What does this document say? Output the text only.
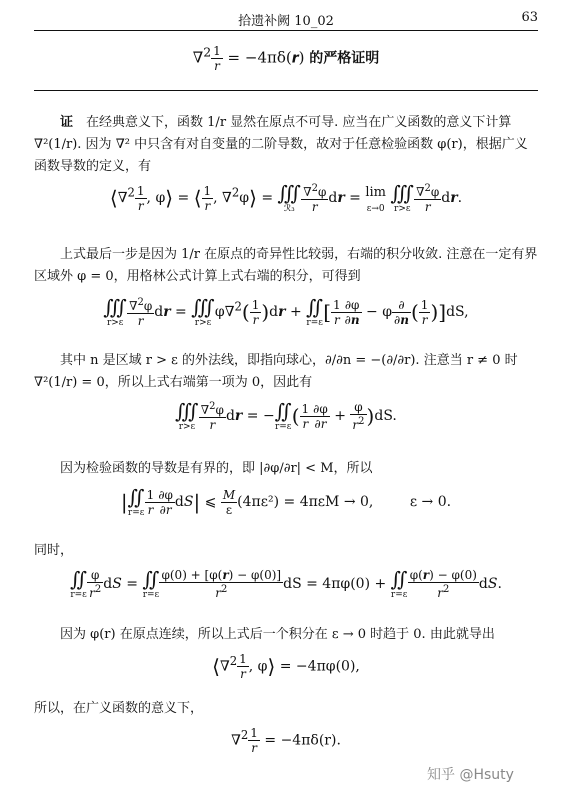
拾遗补阙 10_02	63
$\nabla^2 \frac{1}{r} = -4\pi\delta(r)$ 的严格证明
证　 在经典意义下，函数 1/r 显然在原点不可导. 应当在广义函数的意义下计算 ∇²(1/r). 因为 ∇² 中只含有对自变量的二阶导数，故对于任意检验函数 φ(r)，根据广义函数导数的定义，有
⟨∇$^2$ $\frac{1}{r}$ , φ⟩ = ⟨ $\frac{1}{r}$ , ∇$^2$φ⟩ = ∭
ℛ₃ $\frac{\nabla^2\varphi}{r}$ dr = lim
ε→0
∭
$r>\varepsilon \frac{\nabla^2\varphi}{r}$ dr.
上式最后一步是因为 1/r 在原点的奇异性比较弱，右端的积分收敛. 注意在一定有界区域外 φ = 0，用格林公式计算上式右端的积分，可得到
∭
$r>\varepsilon \frac{\nabla^2\varphi}{r}$ dr = ∭
r>ε
$\varphi\nabla^2( \frac{1}{r} )dr$ + ∬
r=ε [ $\frac{1}{r} \frac{\partial\varphi}{\partial n} - \varphi \frac{\partial}{\partial n}$ ( $\frac{1}{r} )]dS$,
其中 n 是区域 r > ε 的外法线，即指向球心，∂/∂n = −(∂/∂r). 注意当 r ≠ 0 时 ∇²(1/r) = 0，所以上式右端第一项为 0，因此有
∭
$r>\varepsilon \frac{\nabla^2\varphi}{r}$ dr = −∬
r=ε ( $\frac{1}{r} \frac{\partial\varphi}{\partial r} + \frac{\varphi}{r^2} )dS$.
因为检验函数的导数是有界的，即 |∂φ/∂r| < M，所以
|∬
$r=\varepsilon \frac{1}{r} \frac{\partial\varphi}{\partial r} dS|$ ⩽ $\frac{M}{\varepsilon} (4\pi\varepsilon^2) = 4\pi\varepsilon M \to 0$,	ε → 0.
同时，
∬
$r=\varepsilon \frac{\varphi}{r^2}$ dS = ∬
$r=\varepsilon \frac{\varphi(0) + [\varphi(r) - \varphi(0)]}{r^2}$ dS = 4πφ(0) + ∬
$r=\varepsilon \frac{\varphi(r) - \varphi(0)}{r^2}$ dS.
因为 φ(r) 在原点连续，所以上式后一个积分在 ε → 0 时趋于 0. 由此就导出
⟨∇$^2$ $\frac{1}{r}$ , φ⟩ = −4πφ(0),
所以，在广义函数的意义下，
$\nabla^2 \frac{1}{r} = -4\pi\delta(r)$.
知乎 @Hsuty
